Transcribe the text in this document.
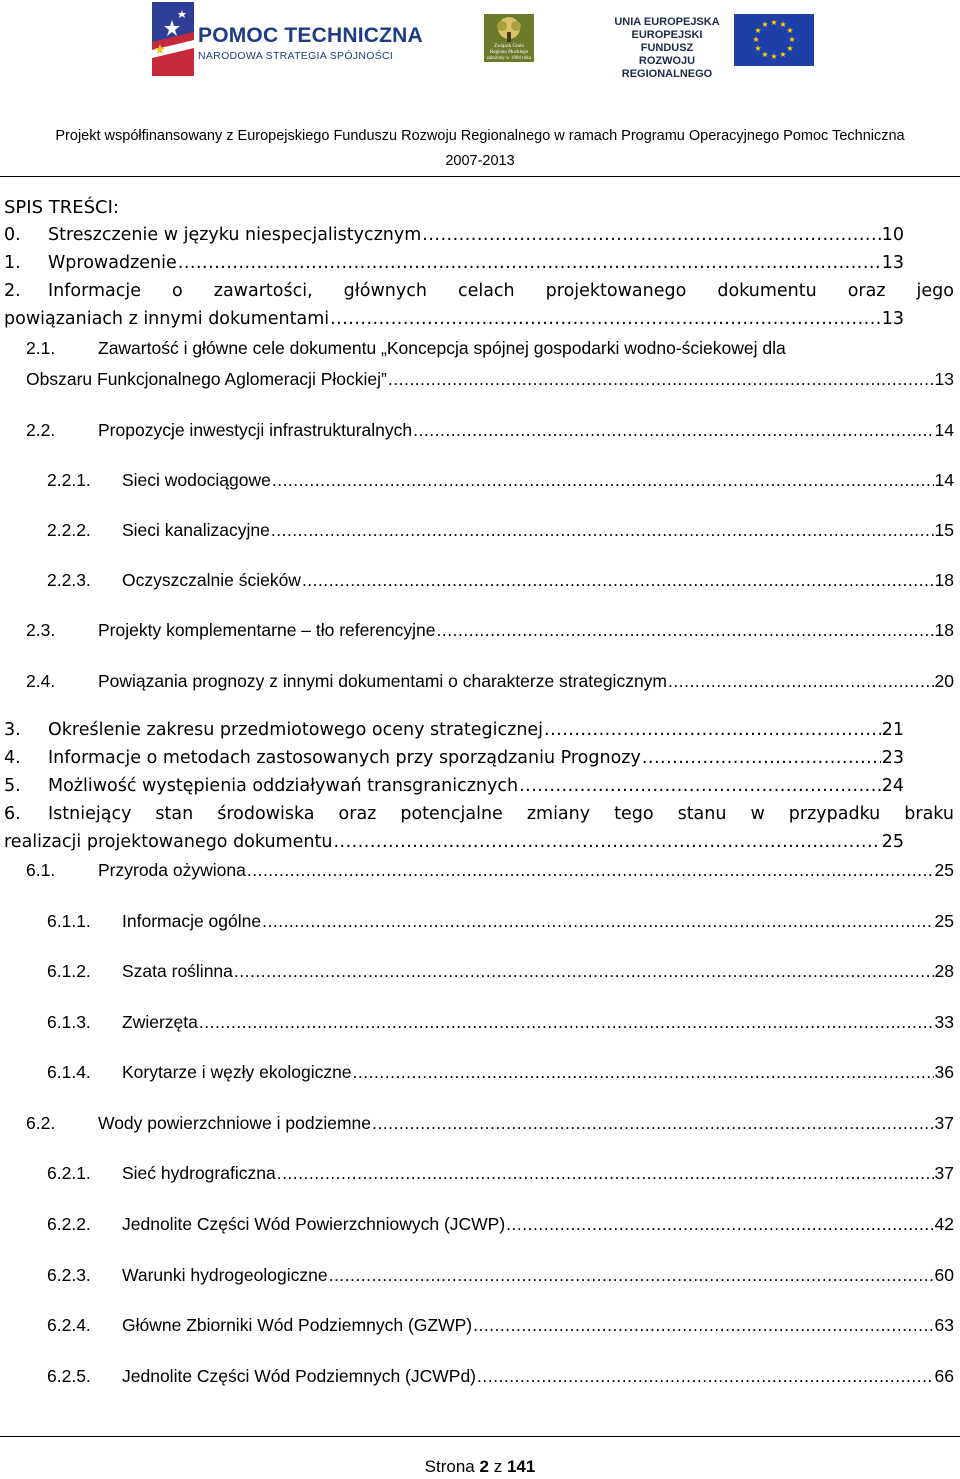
POMOC TECHNICZNA
NARODOWA STRATEGIA SPÓJNOŚCI
Związek Gmin
Regionu Płockiego
założony w 1994 roku
UNIA EUROPEJSKA
EUROPEJSKI FUNDUSZ
ROZWOJU REGIONALNEGO
★ ★
★
★
★
★
★
★
★
★
★
★
Projekt współfinansowany z Europejskiego Funduszu Rozwoju Regionalnego w ramach Programu Operacyjnego Pomoc Techniczna
2007-2013
SPIS TREŚCI:
0.	Streszczenie w języku niespecjalistycznym .....	10
1.	Wprowadzenie .....	13
2.	Informacje o zawartości, głównych celach projektowanego dokumentu oraz jego
powiązaniach z innymi dokumentami .....	13
2.1. Zawartość i główne cele dokumentu „Koncepcja spójnej gospodarki wodno-ściekowej dla
Obszaru Funkcjonalnego Aglomeracji Płockiej” .....	13
2.2.	Propozycje inwestycji infrastrukturalnych .....	14
2.2.1.	Sieci wodociągowe .....	14
2.2.2.	Sieci kanalizacyjne .....	15
2.2.3.	Oczyszczalnie ścieków .....	18
2.3.	Projekty komplementarne – tło referencyjne .....	18
2.4.	Powiązania prognozy z innymi dokumentami o charakterze strategicznym .....	20
3.	Określenie zakresu przedmiotowego oceny strategicznej .....	21
4.	Informacje o metodach zastosowanych przy sporządzaniu Prognozy .....	23
5.	Możliwość występienia oddziaływań transgranicznych .....	24
6.	Istniejący stan środowiska oraz potencjalne zmiany tego stanu w przypadku braku
realizacji projektowanego dokumentu .....	25
6.1.	Przyroda ożywiona .....	25
6.1.1.	Informacje ogólne .....	25
6.1.2.	Szata roślinna .....	28
6.1.3.	Zwierzęta .....	33
6.1.4.	Korytarze i węzły ekologiczne .....	36
6.2.	Wody powierzchniowe i podziemne .....	37
6.2.1.	Sieć hydrograficzna .....	37
6.2.2.	Jednolite Części Wód Powierzchniowych (JCWP) .....	42
6.2.3.	Warunki hydrogeologiczne .....	60
6.2.4.	Główne Zbiorniki Wód Podziemnych (GZWP) .....	63
6.2.5.	Jednolite Części Wód Podziemnych (JCWPd) .....	66
Strona 2 z 141
